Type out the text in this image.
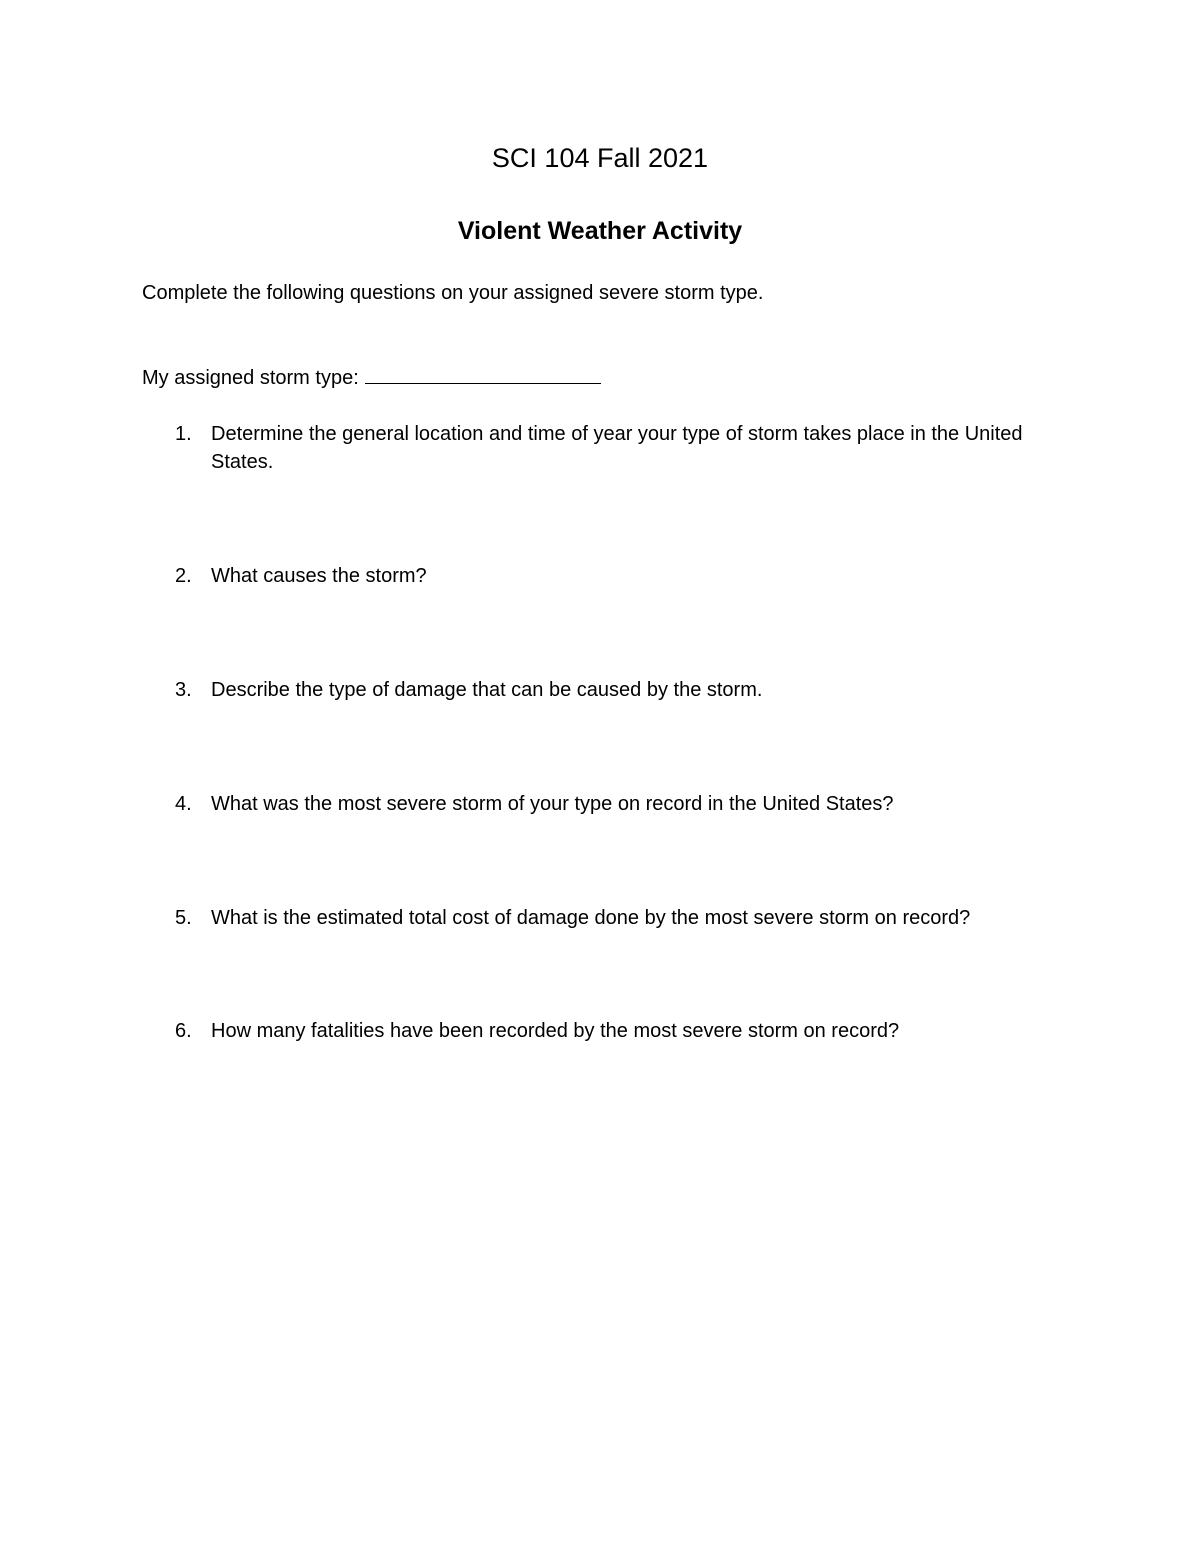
SCI 104 Fall 2021
Violent Weather Activity
Complete the following questions on your assigned severe storm type.
My assigned storm type:
1. Determine the general location and time of year your type of storm takes place in the United States.
2. What causes the storm?
3. Describe the type of damage that can be caused by the storm.
4. What was the most severe storm of your type on record in the United States?
5. What is the estimated total cost of damage done by the most severe storm on record?
6. How many fatalities have been recorded by the most severe storm on record?
